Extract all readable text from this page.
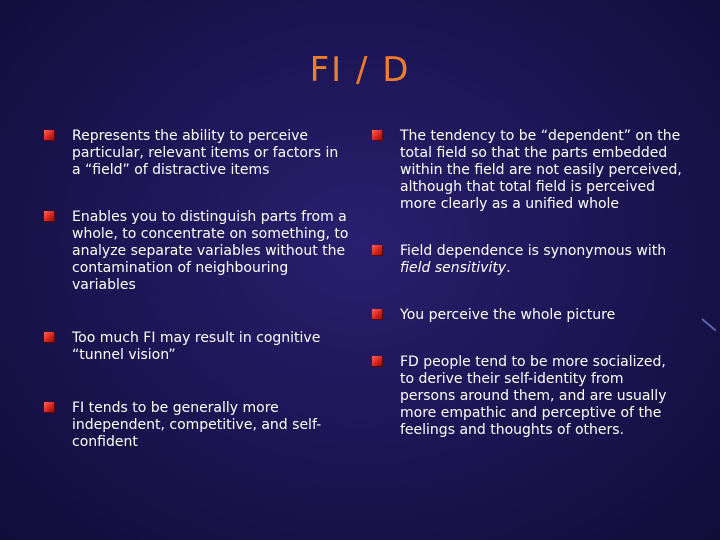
FI / D
Represents the ability to perceive particular, relevant items or factors in a “field” of distractive items
Enables you to distinguish parts from a whole, to concentrate on something, to analyze separate variables without the contamination of neighbouring variables
Too much FI may result in cognitive “tunnel vision”
FI tends to be generally more independent, competitive, and self-confident
The tendency to be “dependent” on the total field so that the parts embedded within the field are not easily perceived, although that total field is perceived more clearly as a unified whole
Field dependence is synonymous with field sensitivity.
You perceive the whole picture
FD people tend to be more socialized, to derive their self-identity from persons around them, and are usually more empathic and perceptive of the feelings and thoughts of others.
